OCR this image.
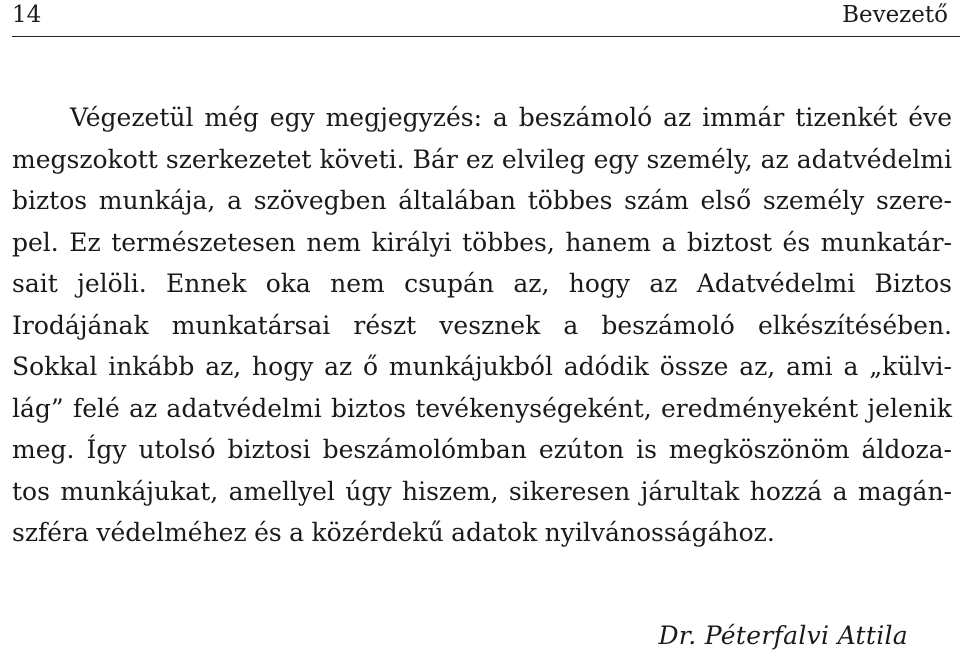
14	Bevezető
Végezetül még egy megjegyzés: a beszámoló az immár tizenkét éve
megszokott szerkezetet követi. Bár ez elvileg egy személy, az adatvédelmi
biztos munkája, a szövegben általában többes szám első személy szere-
pel. Ez természetesen nem királyi többes, hanem a biztost és munkatár-
sait jelöli. Ennek oka nem csupán az, hogy az Adatvédelmi Biztos
Irodájának munkatársai részt vesznek a beszámoló elkészítésében.
Sokkal inkább az, hogy az ő munkájukból adódik össze az, ami a „külvi-
lág” felé az adatvédelmi biztos tevékenységeként, eredményeként jelenik
meg. Így utolsó biztosi beszámolómban ezúton is megköszönöm áldoza-
tos munkájukat, amellyel úgy hiszem, sikeresen járultak hozzá a magán-
szféra védelméhez és a közérdekű adatok nyilvánosságához.
Dr. Péterfalvi Attila
